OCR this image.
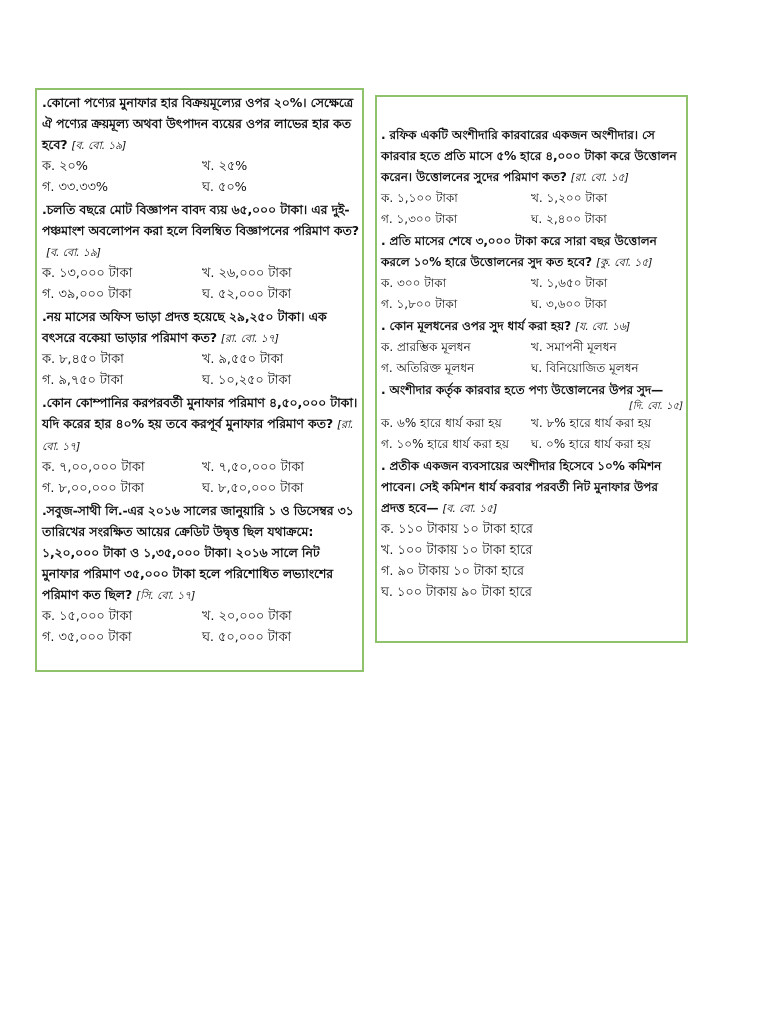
.কোনো পণ্যের মুনাফার হার বিক্রয়মূল্যের ওপর ২০%। সেক্ষেত্রে ঐ পণ্যের ক্রয়মূল্য অথবা উৎপাদন ব্যয়ের ওপর লাভের হার কত হবে? [ব. বো. ১৯]
ক. ২০%	খ. ২৫%
গ. ৩৩.৩৩%	ঘ. ৫০%
.চলতি বছরে মোট বিজ্ঞাপন বাবদ ব্যয় ৬৫,০০০ টাকা। এর দুই-পঞ্চমাংশ অবলোপন করা হলে বিলম্বিত বিজ্ঞাপনের পরিমাণ কত?[ব. বো. ১৯]
ক. ১৩,০০০ টাকা	খ. ২৬,০০০ টাকা
গ. ৩৯,০০০ টাকা	ঘ. ৫২,০০০ টাকা
.নয় মাসের অফিস ভাড়া প্রদত্ত হয়েছে ২৯,২৫০ টাকা। এক বৎসরে বকেয়া ভাড়ার পরিমাণ কত? [রা. বো. ১৭]
ক. ৮,৪৫০ টাকা	খ. ৯,৫৫০ টাকা
গ. ৯,৭৫০ টাকা	ঘ. ১০,২৫০ টাকা
.কোন কোম্পানির করপরবর্তী মুনাফার পরিমাণ ৪,৫০,০০০ টাকা। যদি করের হার ৪০% হয় তবে করপূর্ব মুনাফার পরিমাণ কত? [রা. বো. ১৭]
ক. ৭,০০,০০০ টাকা	খ. ৭,৫০,০০০ টাকা
গ. ৮,০০,০০০ টাকা	ঘ. ৮,৫০,০০০ টাকা
.সবুজ-সাথী লি.-এর ২০১৬ সালের জানুয়ারি ১ ও ডিসেম্বর ৩১ তারিখের সংরক্ষিত আয়ের ক্রেডিট উদ্বৃত্ত ছিল যথাক্রমে: ১,২০,০০০ টাকা ও ১,৩৫,০০০ টাকা। ২০১৬ সালে নিট মুনাফার পরিমাণ ৩৫,০০০ টাকা হলে পরিশোধিত লভ্যাংশের পরিমাণ কত ছিল? [সি. বো. ১৭]
ক. ১৫,০০০ টাকা	খ. ২০,০০০ টাকা
গ. ৩৫,০০০ টাকা	ঘ. ৫০,০০০ টাকা
. রফিক একটি অংশীদারি কারবারের একজন অংশীদার। সে কারবার হতে প্রতি মাসে ৫% হারে ৪,০০০ টাকা করে উত্তোলন করেন। উত্তোলনের সুদের পরিমাণ কত? [রা. বো. ১৫]
ক. ১,১০০ টাকা	খ. ১,২০০ টাকা
গ. ১,৩০০ টাকা	ঘ. ২,৪০০ টাকা
. প্রতি মাসের শেষে ৩,০০০ টাকা করে সারা বছর উত্তোলন করলে ১০% হারে উত্তোলনের সুদ কত হবে? [কু. বো. ১৫]
ক. ৩০০ টাকা	খ. ১,৬৫০ টাকা
গ. ১,৮০০ টাকা	ঘ. ৩,৬০০ টাকা
. কোন মূলধনের ওপর সুদ ধার্য করা হয়? [য. বো. ১৬]
ক. প্রারম্ভিক মূলধন	খ. সমাপনী মূলধন
গ. অতিরিক্ত মূলধন	ঘ. বিনিয়োজিত মূলধন
. অংশীদার কর্তৃক কারবার হতে পণ্য উত্তোলনের উপর সুদ—
[দি. বো. ১৫]
ক. ৬% হারে ধার্য করা হয়	খ. ৮% হারে ধার্য করা হয়
গ. ১০% হারে ধার্য করা হয়	ঘ. ০% হারে ধার্য করা হয়
. প্রতীক একজন ব্যবসায়ের অংশীদার হিসেবে ১০% কমিশন পাবেন। সেই কমিশন ধার্য করবার পরবর্তী নিট মুনাফার উপর প্রদত্ত হবে— [ব. বো. ১৫]
ক. ১১০ টাকায় ১০ টাকা হারে
খ. ১০০ টাকায় ১০ টাকা হারে
গ. ৯০ টাকায় ১০ টাকা হারে
ঘ. ১০০ টাকায় ৯০ টাকা হারে
